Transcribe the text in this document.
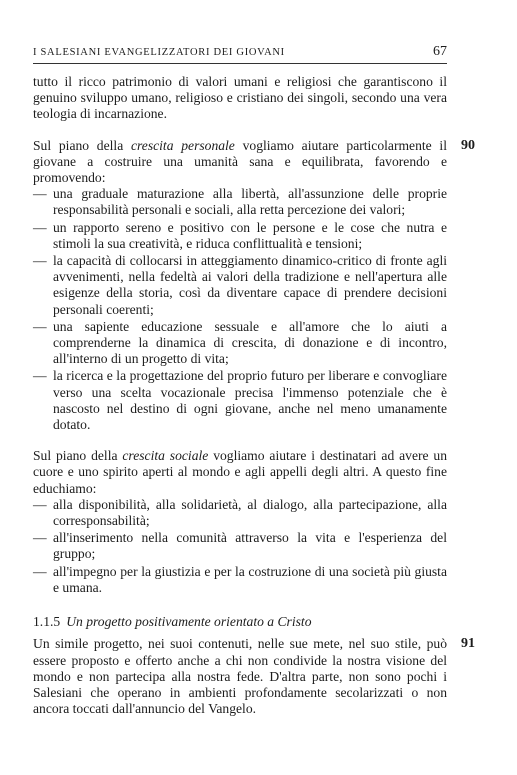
I SALESIANI EVANGELIZZATORI DEI GIOVANI	67

tutto il ricco patrimonio di valori umani e religiosi che garantiscono il genuino sviluppo umano, religioso e cristiano dei singoli, secondo una vera teologia di incarnazione.

90

Sul piano della crescita personale vogliamo aiutare particolarmente il giovane a costruire una umanità sana e equilibrata, favorendo e promovendo:

— una graduale maturazione alla libertà, all'assunzione delle proprie responsabilità personali e sociali, alla retta percezione dei valori;
— un rapporto sereno e positivo con le persone e le cose che nutra e stimoli la sua creatività, e riduca conflittualità e tensioni;
— la capacità di collocarsi in atteggiamento dinamico-critico di fronte agli avvenimenti, nella fedeltà ai valori della tradizione e nell'apertura alle esigenze della storia, così da diventare capace di prendere decisioni personali coerenti;
— una sapiente educazione sessuale e all'amore che lo aiuti a comprenderne la dinamica di crescita, di donazione e di incontro, all'interno di un progetto di vita;
— la ricerca e la progettazione del proprio futuro per liberare e convogliare verso una scelta vocazionale precisa l'immenso potenziale che è nascosto nel destino di ogni giovane, anche nel meno umanamente dotato.

Sul piano della crescita sociale vogliamo aiutare i destinatari ad avere un cuore e uno spirito aperti al mondo e agli appelli degli altri. A questo fine educhiamo:

— alla disponibilità, alla solidarietà, al dialogo, alla partecipazione, alla corresponsabilità;
— all'inserimento nella comunità attraverso la vita e l'esperienza del gruppo;
— all'impegno per la giustizia e per la costruzione di una società più giusta e umana.
1.1.5 Un progetto positivamente orientato a Cristo
91

Un simile progetto, nei suoi contenuti, nelle sue mete, nel suo stile, può essere proposto e offerto anche a chi non condivide la nostra visione del mondo e non partecipa alla nostra fede. D'altra parte, non sono pochi i Salesiani che operano in ambienti profondamente secolarizzati o non ancora toccati dall'annuncio del Vangelo.
